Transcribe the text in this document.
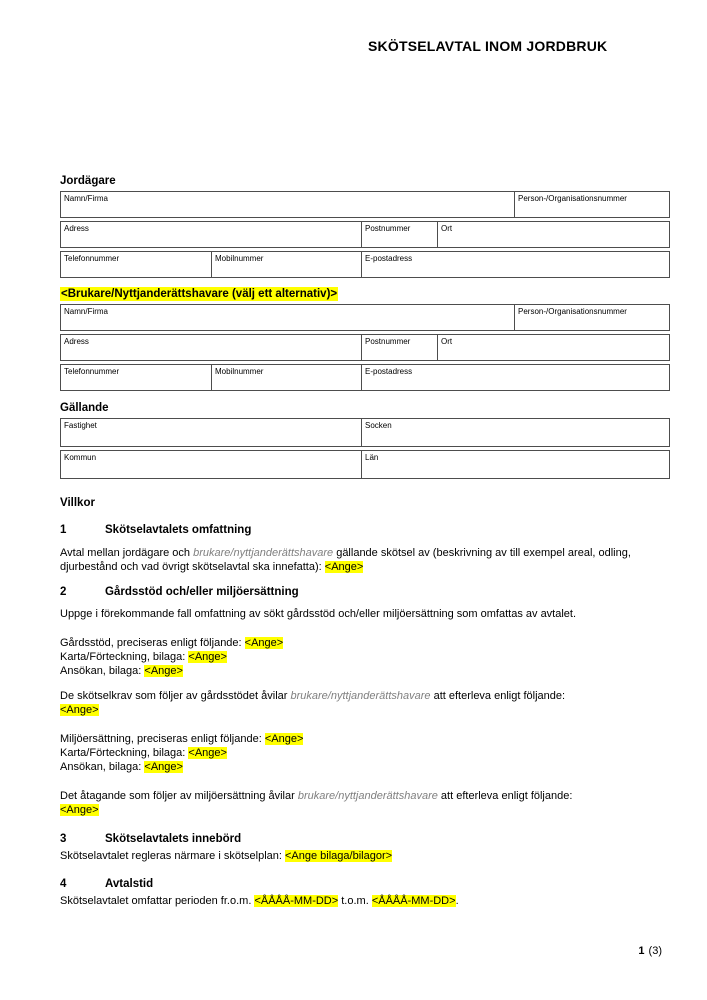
SKÖTSELAVTAL INOM JORDBRUK
Jordägare
Namn/Firma	Person-/Organisationsnummer
Adress	Postnummer	Ort
Telefonnummer	Mobilnummer	E-postadress
<Brukare/Nyttjanderättshavare (välj ett alternativ)>
Namn/Firma	Person-/Organisationsnummer
Adress	Postnummer	Ort
Telefonnummer	Mobilnummer	E-postadress
Gällande
Fastighet	Socken
Kommun	Län
Villkor
1	Skötselavtalets omfattning

Avtal mellan jordägare och brukare/nyttjanderättshavare gällande skötsel av (beskrivning av till exempel areal, odling, djurbestånd och vad övrigt skötselavtal ska innefatta): <Ange>

2	Gårdsstöd och/eller miljöersättning

Uppge i förekommande fall omfattning av sökt gårdsstöd och/eller miljöersättning som omfattas av avtalet.

Gårdsstöd, preciseras enligt följande: <Ange>

Karta/Förteckning, bilaga: <Ange>

Ansökan, bilaga: <Ange>

De skötselkrav som följer av gårdsstödet åvilar brukare/nyttjanderättshavare att efterleva enligt följande:

<Ange>

Miljöersättning, preciseras enligt följande: <Ange>

Karta/Förteckning, bilaga: <Ange>

Ansökan, bilaga: <Ange>

Det åtagande som följer av miljöersättning åvilar brukare/nyttjanderättshavare att efterleva enligt följande:

<Ange>

3	Skötselavtalets innebörd

Skötselavtalet regleras närmare i skötselplan: <Ange bilaga/bilagor>

4	Avtalstid

Skötselavtalet omfattar perioden fr.o.m. <ÅÅÅÅ-MM-DD> t.o.m. <ÅÅÅÅ-MM-DD>.

1 (3)
